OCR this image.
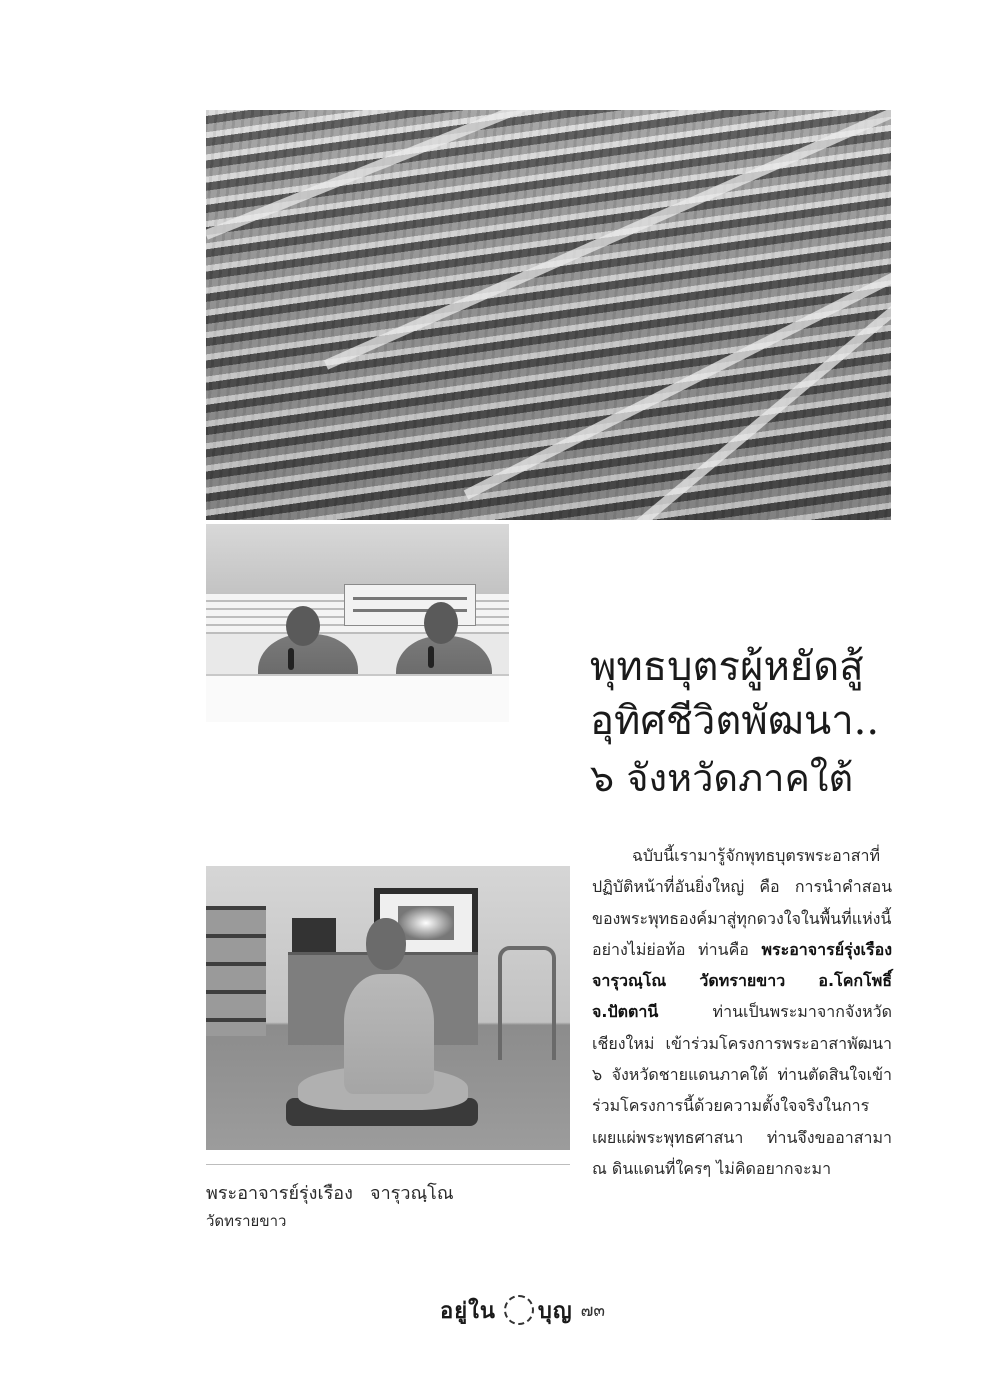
พุทธบุตรผู้หยัดสู้
อุทิศชีวิตพัฒนา..
๖ จังหวัดภาคใต้

ฉบับนี้เรามารู้จักพุทธบุตรพระอาสาที่ปฏิบัติหน้าที่อันยิ่งใหญ่ คือ การนำคำสอนของพระพุทธองค์มาสู่ทุกดวงใจในพื้นที่แห่งนี้อย่างไม่ย่อท้อ ท่านคือ พระอาจารย์รุ่งเรือง จารุวณฺโณ วัดทรายขาว อ.โคกโพธิ์ จ.ปัตตานี ท่านเป็นพระมาจากจังหวัดเชียงใหม่ เข้าร่วมโครงการพระอาสาพัฒนา ๖ จังหวัดชายแดนภาคใต้ ท่านตัดสินใจเข้าร่วมโครงการนี้ด้วยความตั้งใจจริงในการเผยแผ่พระพุทธศาสนา ท่านจึงขออาสามา ณ ดินแดนที่ใครๆ ไม่คิดอยากจะมา

พระอาจารย์รุ่งเรือง   จารุวณฺโณ
วัดทรายขาว
อยู่ใน บุญ ๗๓
